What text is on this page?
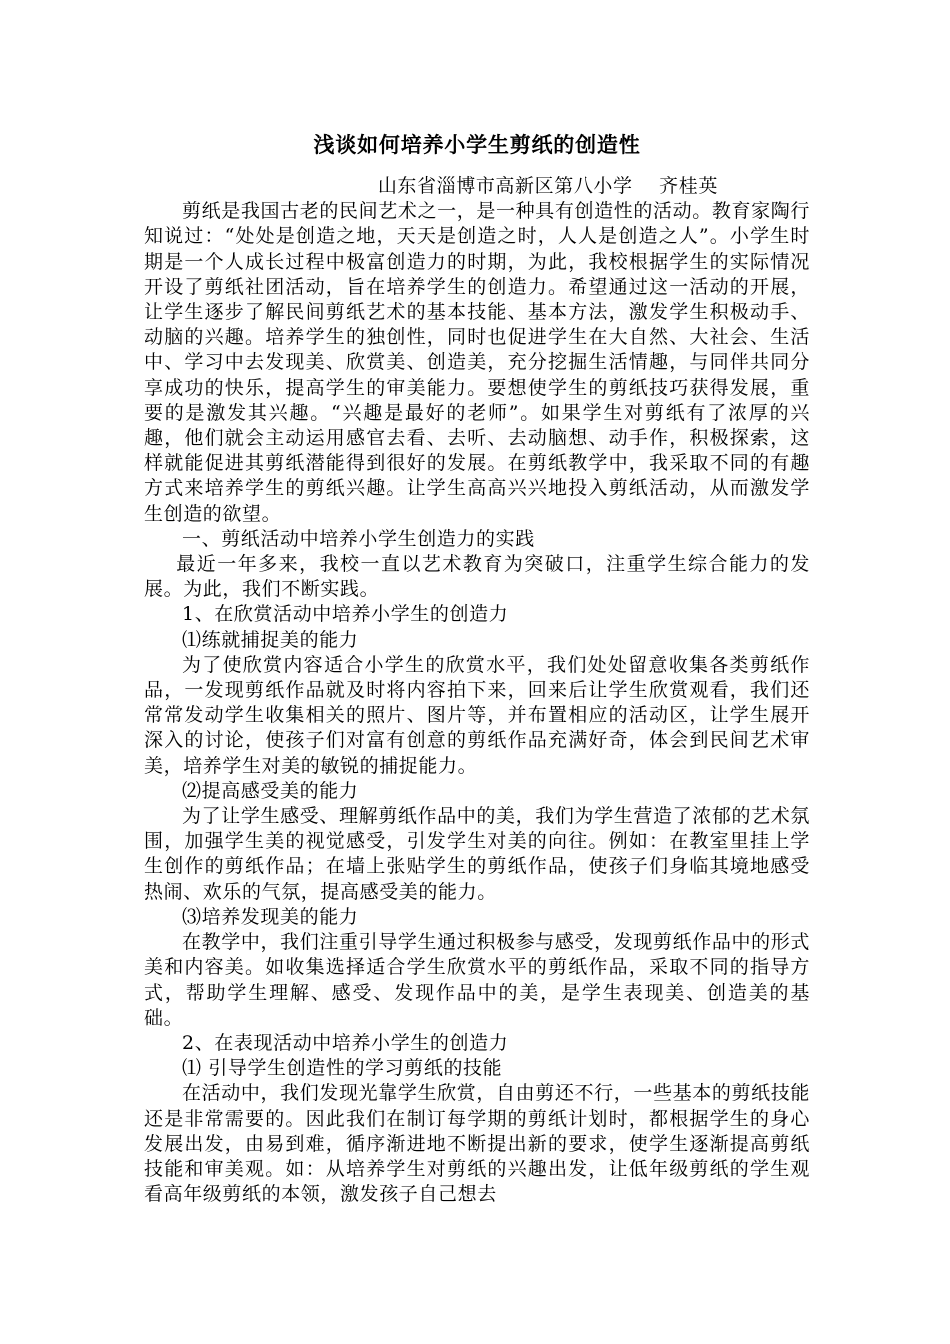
浅谈如何培养小学生剪纸的创造性
山东省淄博市高新区第八小学    齐桂英

剪纸是我国古老的民间艺术之一，是一种具有创造性的活动。教育家陶行知说过：“处处是创造之地，天天是创造之时，人人是创造之人”。小学生时期是一个人成长过程中极富创造力的时期，为此，我校根据学生的实际情况开设了剪纸社团活动，旨在培养学生的创造力。希望通过这一活动的开展，让学生逐步了解民间剪纸艺术的基本技能、基本方法，激发学生积极动手、动脑的兴趣。培养学生的独创性，同时也促进学生在大自然、大社会、生活中、学习中去发现美、欣赏美、创造美，充分挖掘生活情趣，与同伴共同分享成功的快乐，提高学生的审美能力。要想使学生的剪纸技巧获得发展，重要的是激发其兴趣。“兴趣是最好的老师”。如果学生对剪纸有了浓厚的兴趣，他们就会主动运用感官去看、去听、去动脑想、动手作，积极探索，这样就能促进其剪纸潜能得到很好的发展。在剪纸教学中，我采取不同的有趣方式来培养学生的剪纸兴趣。让学生高高兴兴地投入剪纸活动，从而激发学生创造的欲望。

一、剪纸活动中培养小学生创造力的实践

最近一年多来，我校一直以艺术教育为突破口，注重学生综合能力的发展。为此，我们不断实践。

1、在欣赏活动中培养小学生的创造力

⑴练就捕捉美的能力

为了使欣赏内容适合小学生的欣赏水平，我们处处留意收集各类剪纸作品，一发现剪纸作品就及时将内容拍下来，回来后让学生欣赏观看，我们还常常发动学生收集相关的照片、图片等，并布置相应的活动区，让学生展开深入的讨论，使孩子们对富有创意的剪纸作品充满好奇，体会到民间艺术审美，培养学生对美的敏锐的捕捉能力。

⑵提高感受美的能力

为了让学生感受、理解剪纸作品中的美，我们为学生营造了浓郁的艺术氛围，加强学生美的视觉感受，引发学生对美的向往。例如：在教室里挂上学生创作的剪纸作品；在墙上张贴学生的剪纸作品，使孩子们身临其境地感受热闹、欢乐的气氛，提高感受美的能力。

⑶培养发现美的能力

在教学中，我们注重引导学生通过积极参与感受，发现剪纸作品中的形式美和内容美。如收集选择适合学生欣赏水平的剪纸作品，采取不同的指导方式，帮助学生理解、感受、发现作品中的美，是学生表现美、创造美的基础。

2、在表现活动中培养小学生的创造力

⑴ 引导学生创造性的学习剪纸的技能

在活动中，我们发现光靠学生欣赏，自由剪还不行，一些基本的剪纸技能还是非常需要的。因此我们在制订每学期的剪纸计划时，都根据学生的身心发展出发，由易到难，循序渐进地不断提出新的要求，使学生逐渐提高剪纸技能和审美观。如：从培养学生对剪纸的兴趣出发，让低年级剪纸的学生观看高年级剪纸的本领，激发孩子自己想去
